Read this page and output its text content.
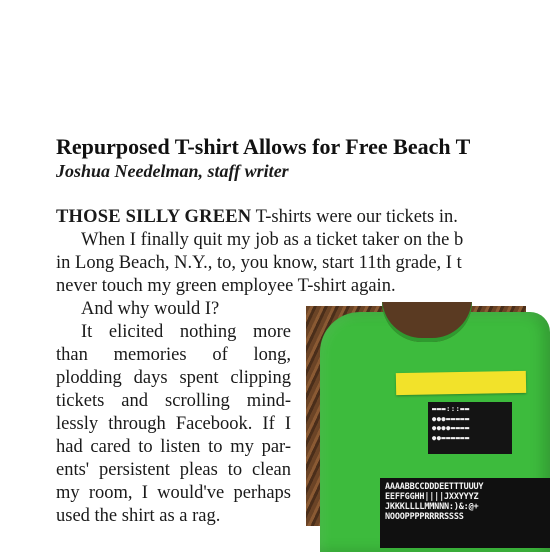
Repurposed T-shirt Allows for Free Beach T
Joshua Needelman, staff writer
THOSE SILLY GREEN T-shirts were our tickets in.
When I finally quit my job as a ticket taker on the b
in Long Beach, N.Y., to, you know, start 11th grade, I t
never touch my green employee T-shirt again.
And why would I?
It elicited nothing more
than memories of long,
plodding days spent clipping
tickets and scrolling mind-
lessly through Facebook. If I
had cared to listen to my par-
ents' persistent pleas to clean
my room, I would've perhaps
used the shirt as a rag.
▬▬▬:::▬▬
●●●▬▬▬▬▬
●●●●▬▬▬▬
●●▬▬▬▬▬▬
AAAABBCCDDDEETTTUUUY
EEFFGGHH||||JXXYYYZ
JKKKLLLLMMNNN:)&:@+
NOOOPPPPRRRRSSSS
